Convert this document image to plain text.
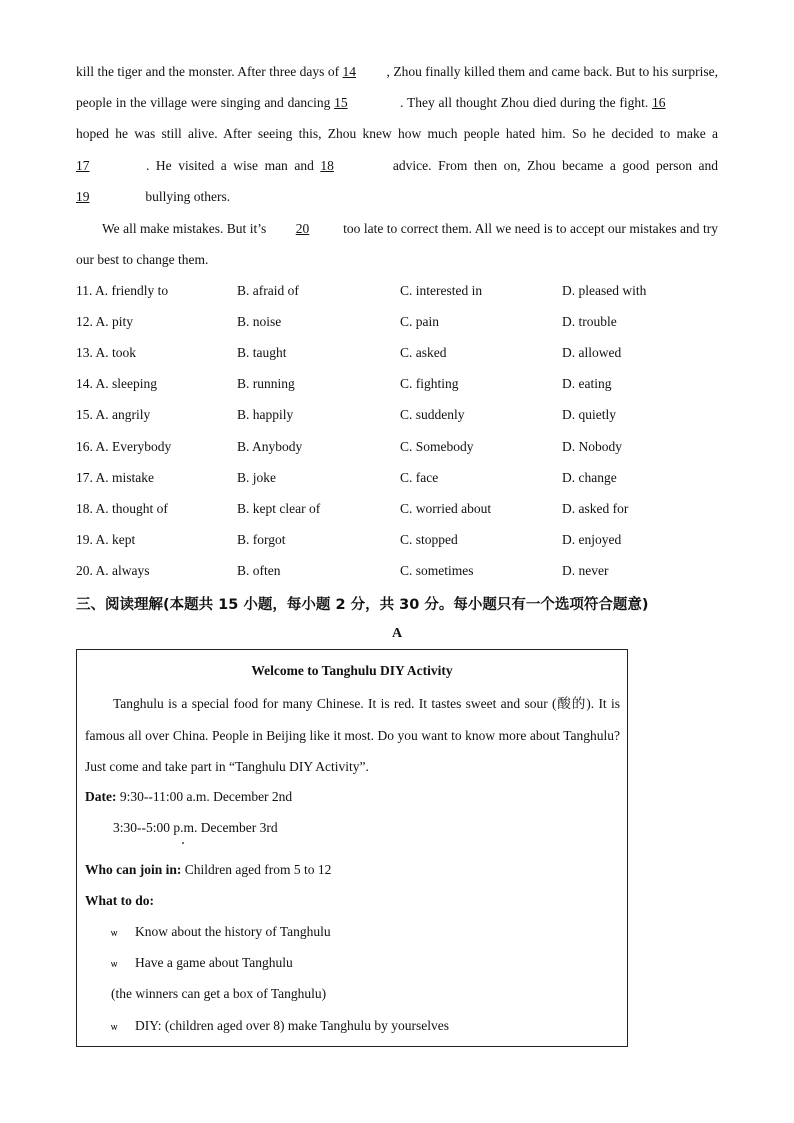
kill the tiger and the monster. After three days of 14 , Zhou finally killed them and came back. But to his surprise, people in the village were singing and dancing 15	. They all thought Zhou died during the fight. 16 hoped he was still alive. After seeing this, Zhou knew how much people hated him. So he decided to make a 17	. He visited a wise man and 18	advice. From then on, Zhou became a good person and 19	bullying others.

We all make mistakes. But it’s 20 too late to correct them. All we need is to accept our mistakes and try our best to change them.

11. A. friendly to	B. afraid of	C. interested in	D. pleased with
12. A. pity	B. noise	C. pain	D. trouble
13. A. took	B. taught	C. asked	D. allowed
14. A. sleeping	B. running	C. fighting	D. eating
15. A. angrily	B. happily	C. suddenly	D. quietly
16. A. Everybody	B. Anybody	C. Somebody	D. Nobody
17. A. mistake	B. joke	C. face	D. change
18. A. thought of	B. kept clear of	C. worried about	D. asked for
19. A. kept	B. forgot	C. stopped	D. enjoyed
20. A. always	B. often	C. sometimes	D. never
三、阅读理解(本题共 15 小题，每小题 2 分，共 30 分。每小题只有一个选项符合题意)
A
Welcome to Tanghulu DIY Activity

Tanghulu is a special food for many Chinese. It is red. It tastes sweet and sour (酸的). It is famous all over China. People in Beijing like it most. Do you want to know more about Tanghulu? Just come and take part in “Tanghulu DIY Activity”.

Date: 9:30--11:00 a.m. December 2nd
3:30--5:00 p.m. December 3rd
Who can join in: Children aged from 5 to 12
What to do:
ѡ Know about the history of Tanghulu
ѡ Have a game about Tanghulu
(the winners can get a box of Tanghulu)
ѡ DIY: (children aged over 8) make Tanghulu by yourselves
